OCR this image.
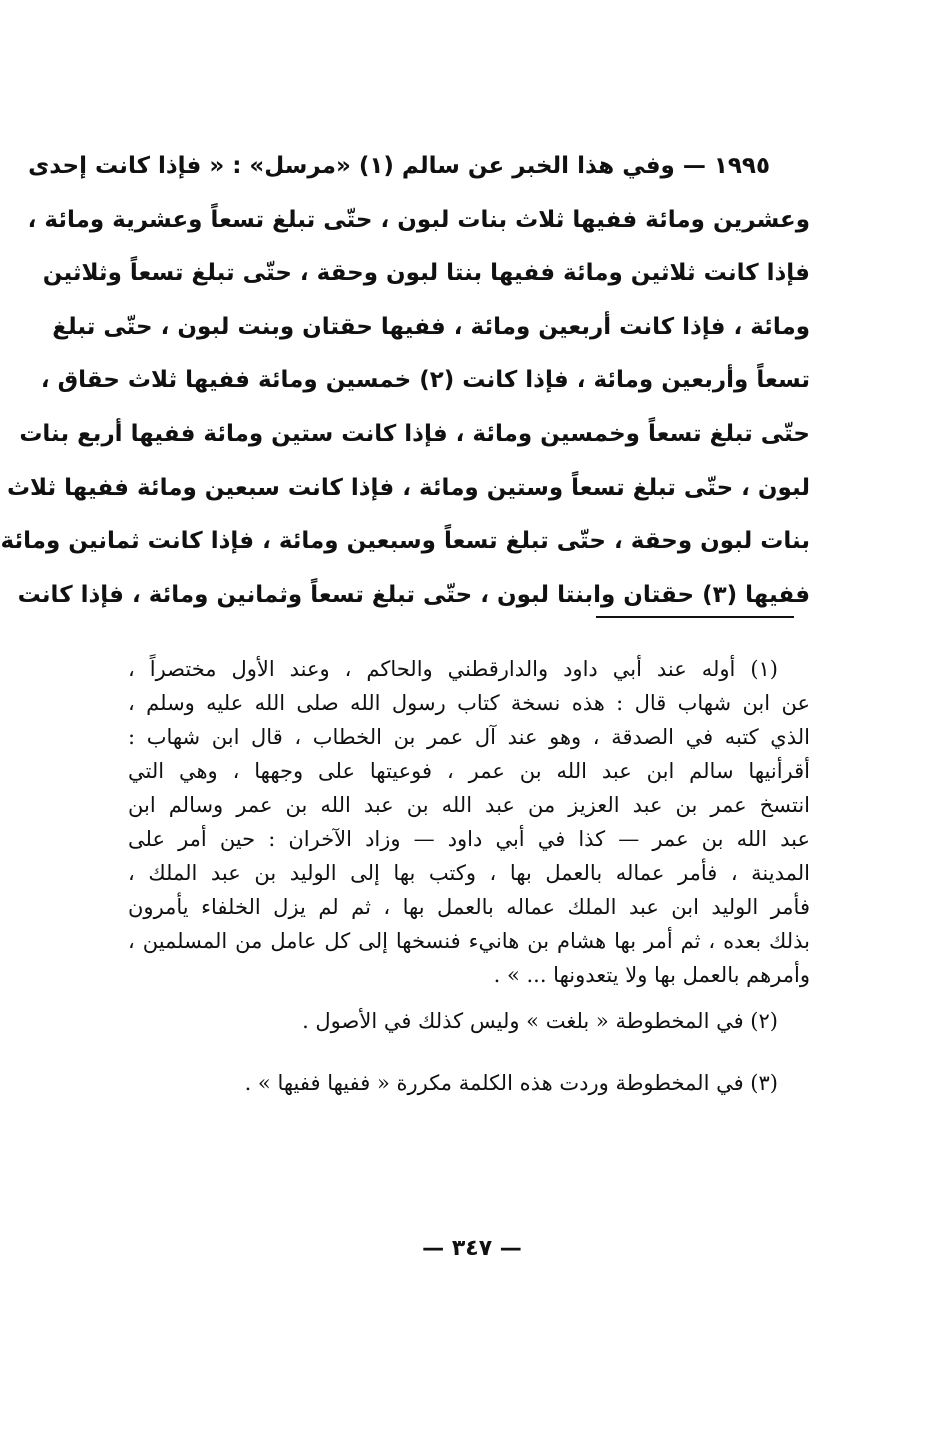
١٩٩٥ — وفي هذا الخبر عن سالم (١) «مرسل» : « فإذا كانت إحدى
وعشرين ومائة ففيها ثلاث بنات لبون ، حتّى تبلغ تسعاً وعشرية ومائة ،
فإذا كانت ثلاثين ومائة ففيها بنتا لبون وحقة ، حتّى تبلغ تسعاً وثلاثين
ومائة ، فإذا كانت أربعين ومائة ، ففيها حقتان وبنت لبون ، حتّى تبلغ
تسعاً وأربعين ومائة ، فإذا كانت (٢) خمسين ومائة ففيها ثلاث حقاق ،
حتّى تبلغ تسعاً وخمسين ومائة ، فإذا كانت ستين ومائة ففيها أربع بنات
لبون ، حتّى تبلغ تسعاً وستين ومائة ، فإذا كانت سبعين ومائة ففيها ثلاث
بنات لبون وحقة ، حتّى تبلغ تسعاً وسبعين ومائة ، فإذا كانت ثمانين ومائة
ففيها (٣) حقتان وابنتا لبون ، حتّى تبلغ تسعاً وثمانين ومائة ، فإذا كانت
(١) أوله عند أبي داود والدارقطني والحاكم ، وعند الأول مختصراً ،
عن ابن شهاب قال : هذه نسخة كتاب رسول الله صلى الله عليه وسلم ،
الذي كتبه في الصدقة ، وهو عند آل عمر بن الخطاب ، قال ابن شهاب :
أقرأنيها سالم ابن عبد الله بن عمر ، فوعيتها على وجهها ، وهي التي
انتسخ عمر بن عبد العزيز من عبد الله بن عبد الله بن عمر وسالم ابن
عبد الله بن عمر — كذا في أبي داود — وزاد الآخران : حين أمر على
المدينة ، فأمر عماله بالعمل بها ، وكتب بها إلى الوليد بن عبد الملك ،
فأمر الوليد ابن عبد الملك عماله بالعمل بها ، ثم لم يزل الخلفاء يأمرون
بذلك بعده ، ثم أمر بها هشام بن هانيء فنسخها إلى كل عامل من المسلمين ،
وأمرهم بالعمل بها ولا يتعدونها ... » .
(٢) في المخطوطة « بلغت » وليس كذلك في الأصول .
(٣) في المخطوطة وردت هذه الكلمة مكررة « ففيها ففيها » .
— ٣٤٧ —
